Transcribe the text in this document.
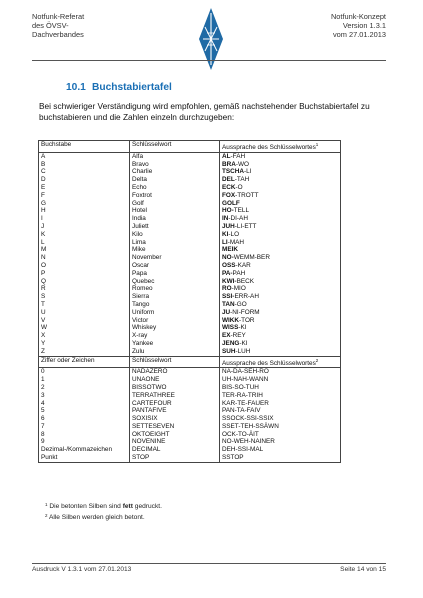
Notfunk-Referat
des ÖVSV-
Dachverbandes
Notfunk-Konzept
Version 1.3.1
vom 27.01.2013
10.1 Buchstabiertafel
Bei schwieriger Verständigung wird empfohlen, gemäß nachstehender Buchstabiertafel zu buchstabieren und die Zahlen einzeln durchzugeben:
Buchstabe	Schlüsselwort	Aussprache des Schlüsselwortes$^1$
A	Alfa	AL-FAH
B	Bravo	BRA-WO
C	Charlie	TSCHA-LI
D	Delta	DEL-TAH
E	Echo	ECK-O
F	Foxtrot	FOX-TROTT
G	Golf	GOLF
H	Hotel	HO-TELL
I	India	IN-DI-AH
J	Juliett	JUH-LI-ETT
K	Kilo	KI-LO
L	Lima	LI-MAH
M	Mike	MEIK
N	November	NO-WEMM-BER
O	Oscar	OSS-KAR
P	Papa	PA-PAH
Q	Quebec	KWI-BECK
R	Romeo	RO-MIO
S	Sierra	SSI-ERR-AH
T	Tango	TAN-GO
U	Uniform	JU-NI-FORM
V	Victor	WIKK-TOR
W	Whiskey	WISS-KI
X	X-ray	EX-REY
Y	Yankee	JENG-KI
Z	Zulu	SUH-LUH
Ziffer oder Zeichen	Schlüsselwort	Aussprache des Schlüsselwortes$^2$
0	NADAZERO	NA-DA-SEH-RO
1	UNAONE	UH-NAH-WANN
2	BISSOTWO	BIS-SO-TUH
3	TERRATHREE	TER-RA-TRIH
4	CARTEFOUR	KAR-TE-FAUER
5	PANTAFIVE	PAN-TA-FAIV
6	SOXISIX	SSOCK-SSI-SSIX
7	SETTESEVEN	SSET-TEH-SSÄWN
8	OKTOEIGHT	OCK-TO-ÄIT
9	NOVENINE	NO-WEH-NAINER
Dezimal-/Kommazeichen	DECIMAL	DEH-SSI-MAL
Punkt	STOP	SSTOP
$^1$ Die betonten Silben sind fett gedruckt.
$^2$ Alle Silben werden gleich betont.
Ausdruck V 1.3.1 vom 27.01.2013	Seite 14 von 15
